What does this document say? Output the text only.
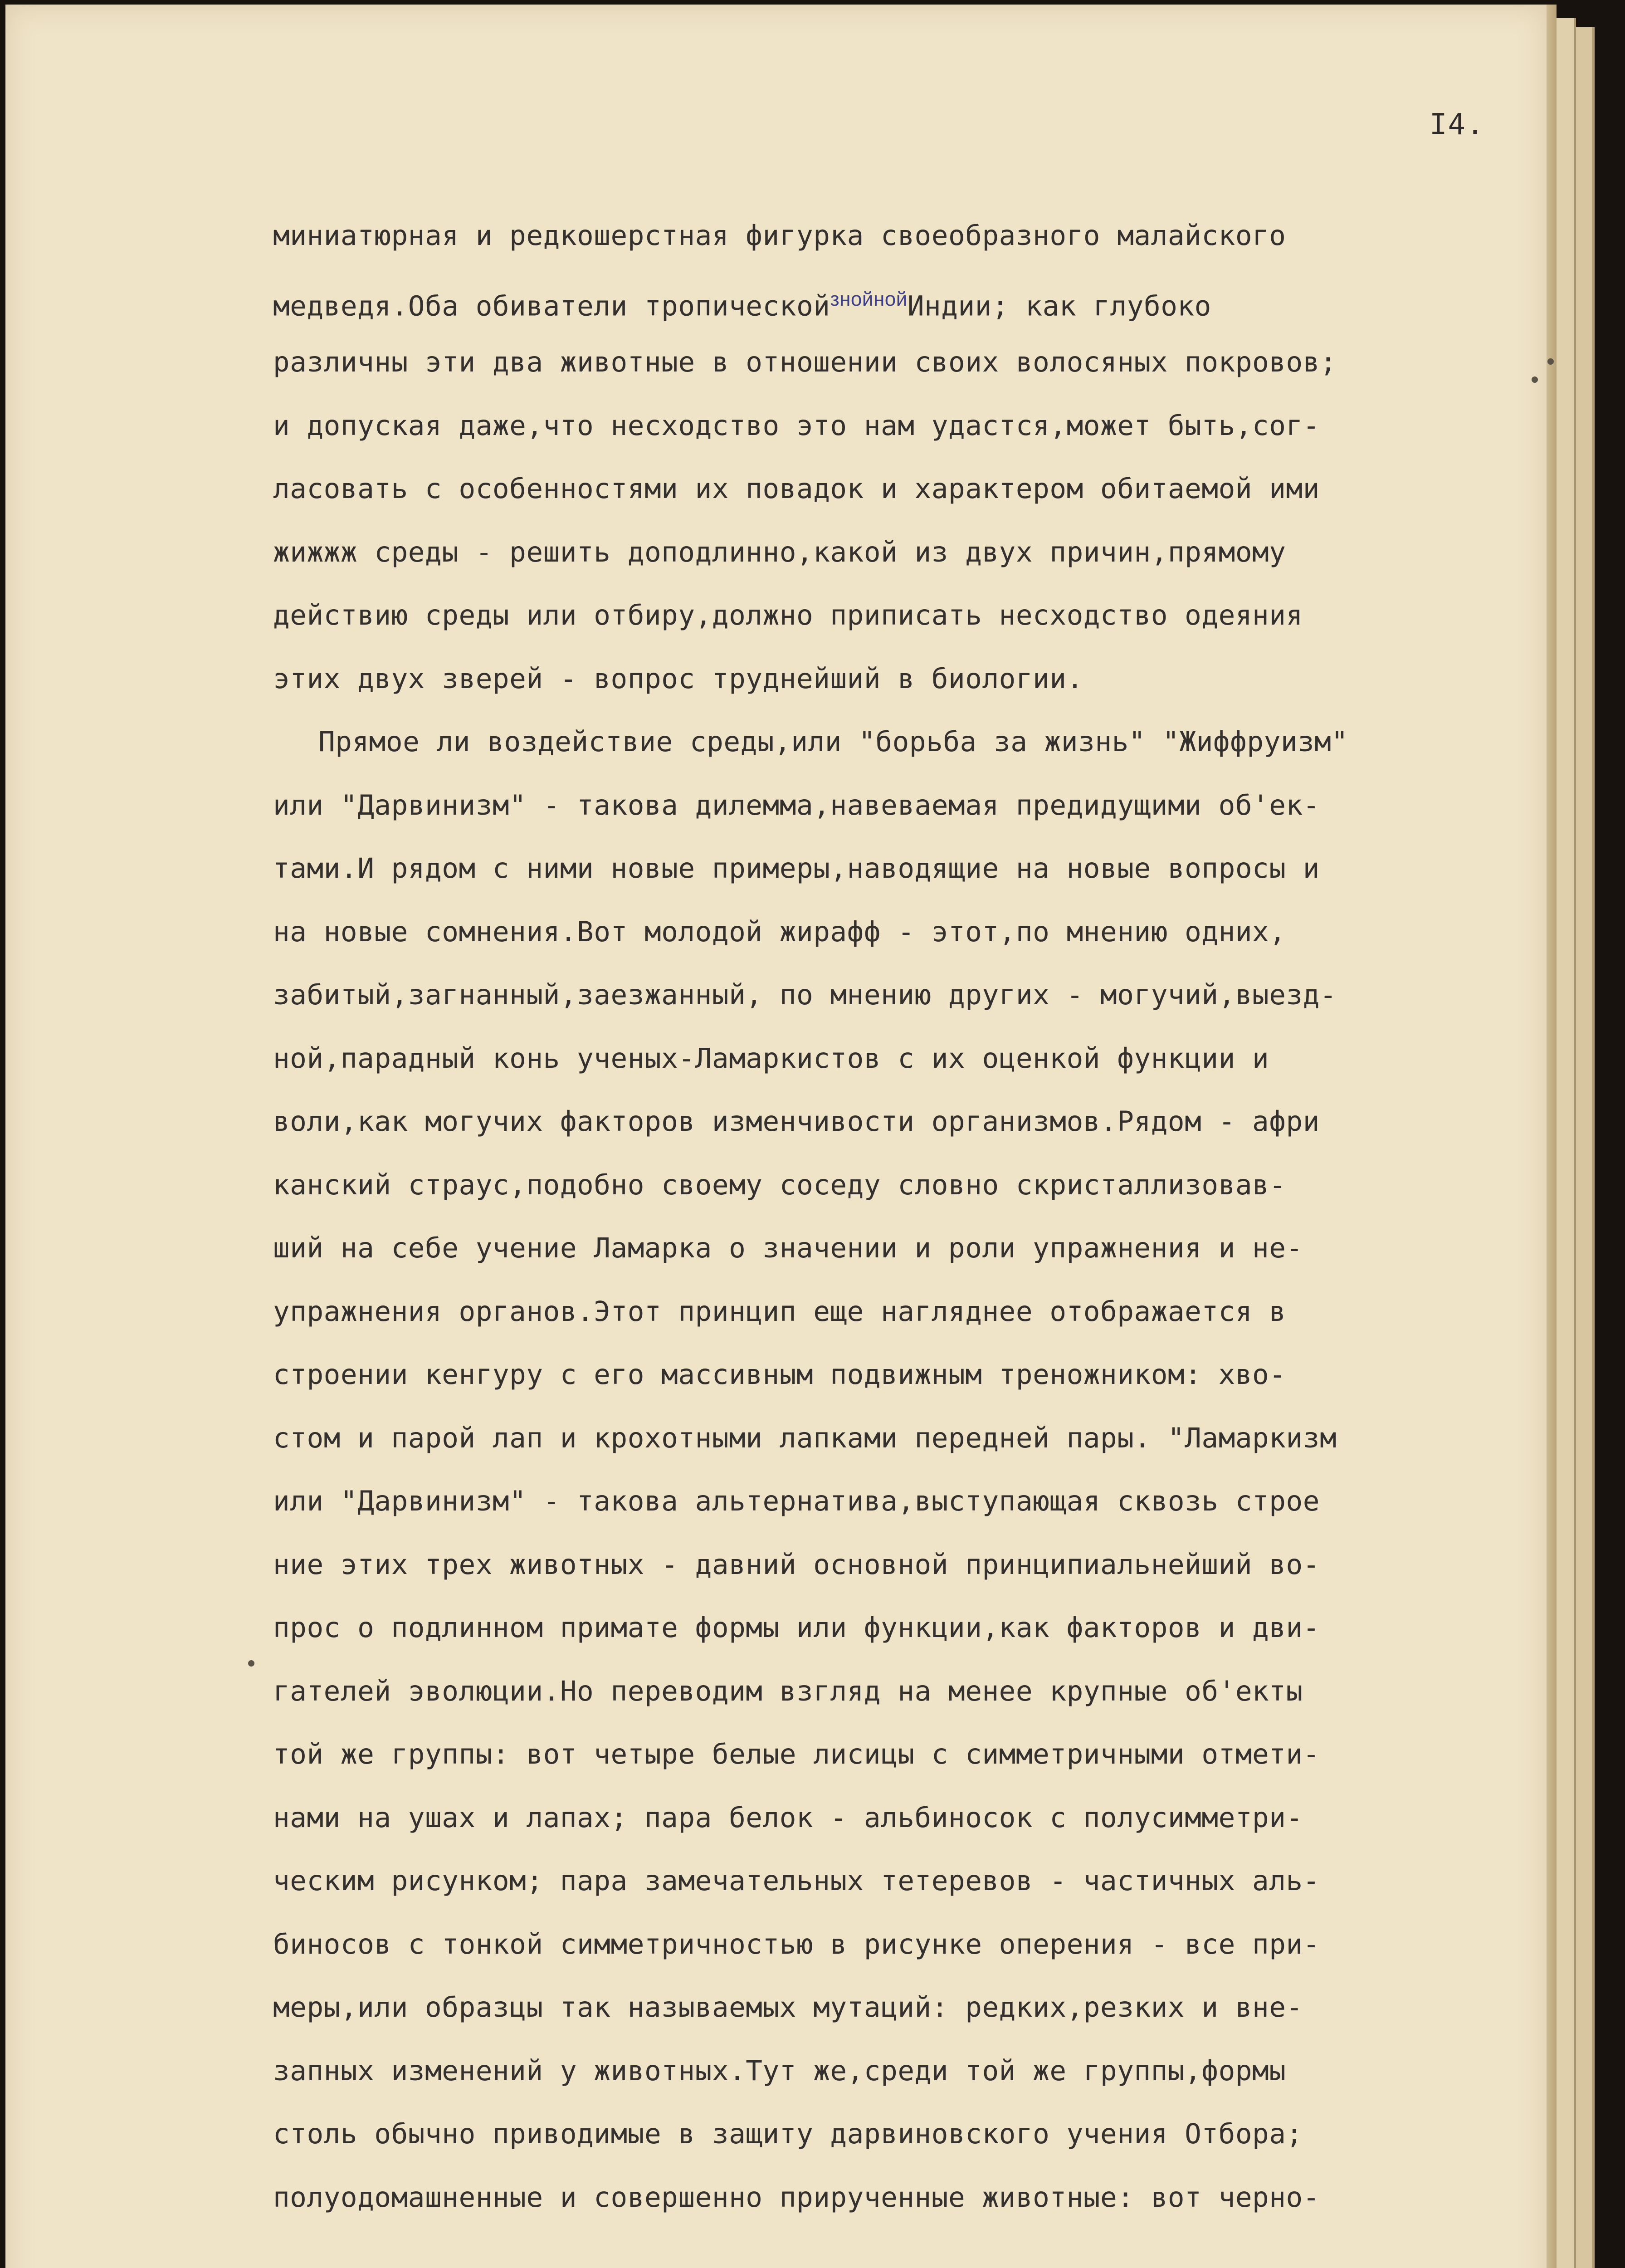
I4.
миниатюрная и редкошерстная фигурка своеобразного малайского
медведя.Оба обиватели тропической$^{знойной}$Индии; как глубоко
различны эти два животные в отношении своих волосяных покровов;
и допуская даже,что несходство это нам удастся,может быть,сог-
ласовать с особенностями их повадок и характером обитаемой ими
жижжж среды - решить доподлинно,какой из двух причин,прямому
действию среды или отбиру,должно приписать несходство одеяния
этих двух зверей - вопрос труднейший в биологии.
Прямое ли воздействие среды,или "борьба за жизнь" "Жиффруизм"
или "Дарвинизм" - такова дилемма,навеваемая предидущими об'ек-
тами.И рядом с ними новые примеры,наводящие на новые вопросы и
на новые сомнения.Вот молодой жирафф - этот,по мнению одних,
забитый,загнанный,заезжанный, по мнению других - могучий,выезд-
ной,парадный конь ученых-Ламаркистов с их оценкой функции и
воли,как могучих факторов изменчивости организмов.Рядом - афри
канский страус,подобно своему соседу словно скристаллизовав-
ший на себе учение Ламарка о значении и роли упражнения и не-
упражнения органов.Этот принцип еще нагляднее отображается в
строении кенгуру с его массивным подвижным треножником: хво-
стом и парой лап и крохотными лапками передней пары. "Ламаркизм
или "Дарвинизм" - такова альтернатива,выступающая сквозь строе
ние этих трех животных - давний основной принципиальнейший во-
прос о подлинном примате формы или функции,как факторов и дви-
гателей эволюции.Но переводим взгляд на менее крупные об'екты
той же группы: вот четыре белые лисицы с симметричными отмети-
нами на ушах и лапах; пара белок - альбиносок с полусимметри-
ческим рисунком; пара замечательных тетеревов - частичных аль-
биносов с тонкой симметричностью в рисунке оперения - все при-
меры,или образцы так называемых мутаций: редких,резких и вне-
запных изменений у животных.Тут же,среди той же группы,формы
столь обычно приводимые в защиту дарвиновского учения Отбора;
полуодомашненные и совершенно прирученные животные: вот черно-
